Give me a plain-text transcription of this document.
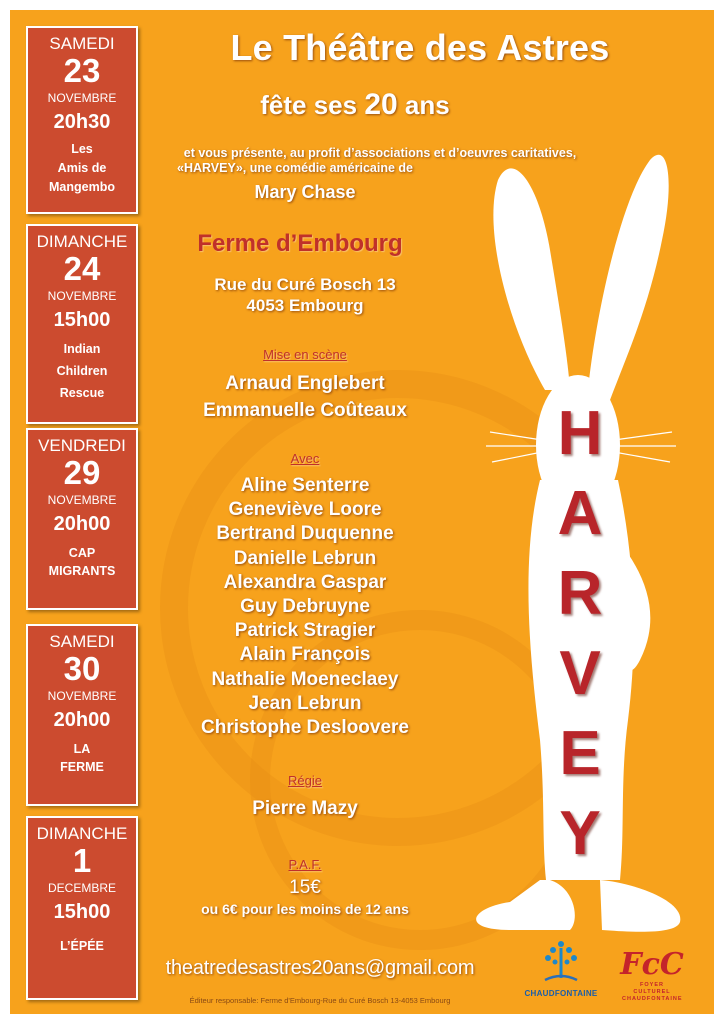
SAMEDI
23
NOVEMBRE
20h30
Les
Amis de
Mangembo
DIMANCHE
24
NOVEMBRE
15h00
Indian
Children
Rescue
VENDREDI
29
NOVEMBRE
20h00
CAP
MIGRANTS
SAMEDI
30
NOVEMBRE
20h00
LA
FERME
DIMANCHE
1
DECEMBRE
15h00
L’ÉPÉE
Le Théâtre des Astres
fête ses 20 ans
et vous présente, au profit d’associations et d’oeuvres caritatives,
«HARVEY», une comédie américaine de
Mary Chase
Ferme d’Embourg
Rue du Curé Bosch 13
4053 Embourg
Mise en scène
Arnaud Englebert
Emmanuelle Coûteaux
Avec
Aline Senterre
Geneviève Loore
Bertrand Duquenne
Danielle Lebrun
Alexandra Gaspar
Guy Debruyne
Patrick Stragier
Alain François
Nathalie Moeneclaey
Jean Lebrun
Christophe Desloovere
Régie
Pierre Mazy
P.A.F.
15€
ou 6€ pour les moins de 12 ans
theatredesastres20ans@gmail.com
Éditeur responsable: Ferme d'Embourg-Rue du Curé Bosch 13-4053 Embourg
H
A
R
V
E
Y
CHAUDFONTAINE
FcC
FOYER CULTUREL CHAUDFONTAINE
